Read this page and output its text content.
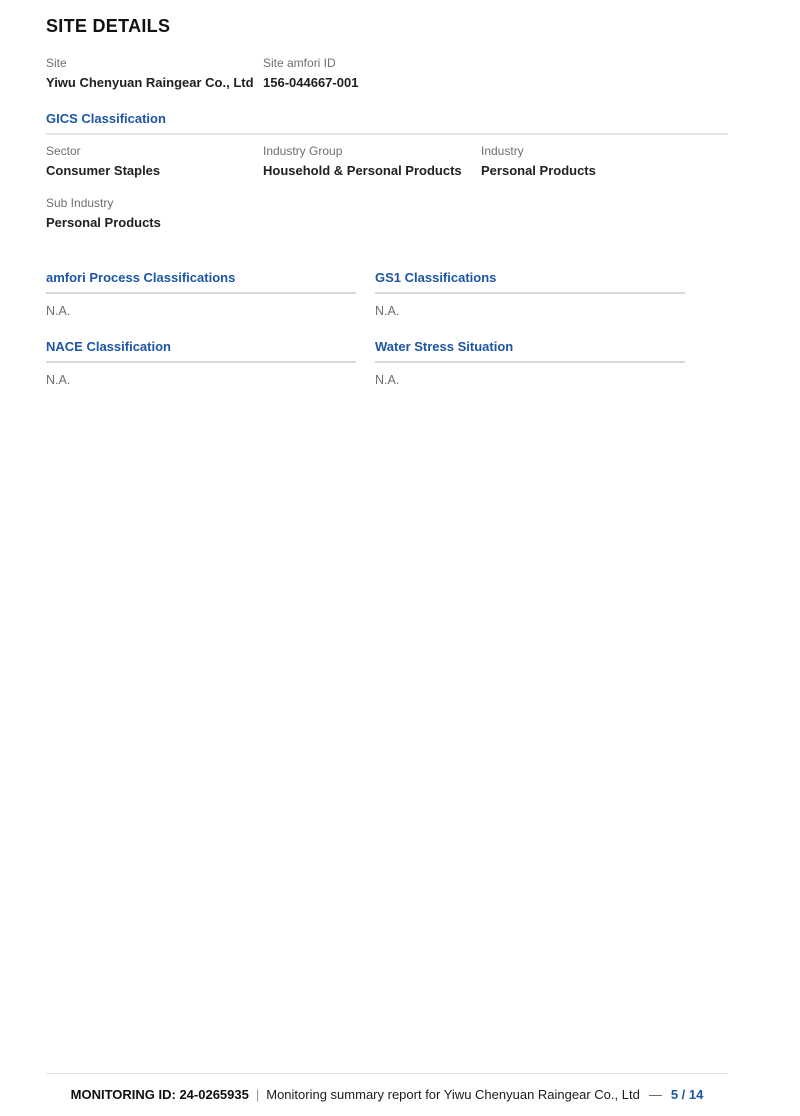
SITE DETAILS
Site
Yiwu Chenyuan Raingear Co., Ltd
Site amfori ID
156-044667-001
GICS Classification
Sector
Consumer Staples
Industry Group
Household & Personal Products
Industry
Personal Products
Sub Industry
Personal Products
amfori Process Classifications
N.A.
GS1 Classifications
N.A.
NACE Classification
N.A.
Water Stress Situation
N.A.
MONITORING ID: 24-0265935 | Monitoring summary report for Yiwu Chenyuan Raingear Co., Ltd — 5 / 14
